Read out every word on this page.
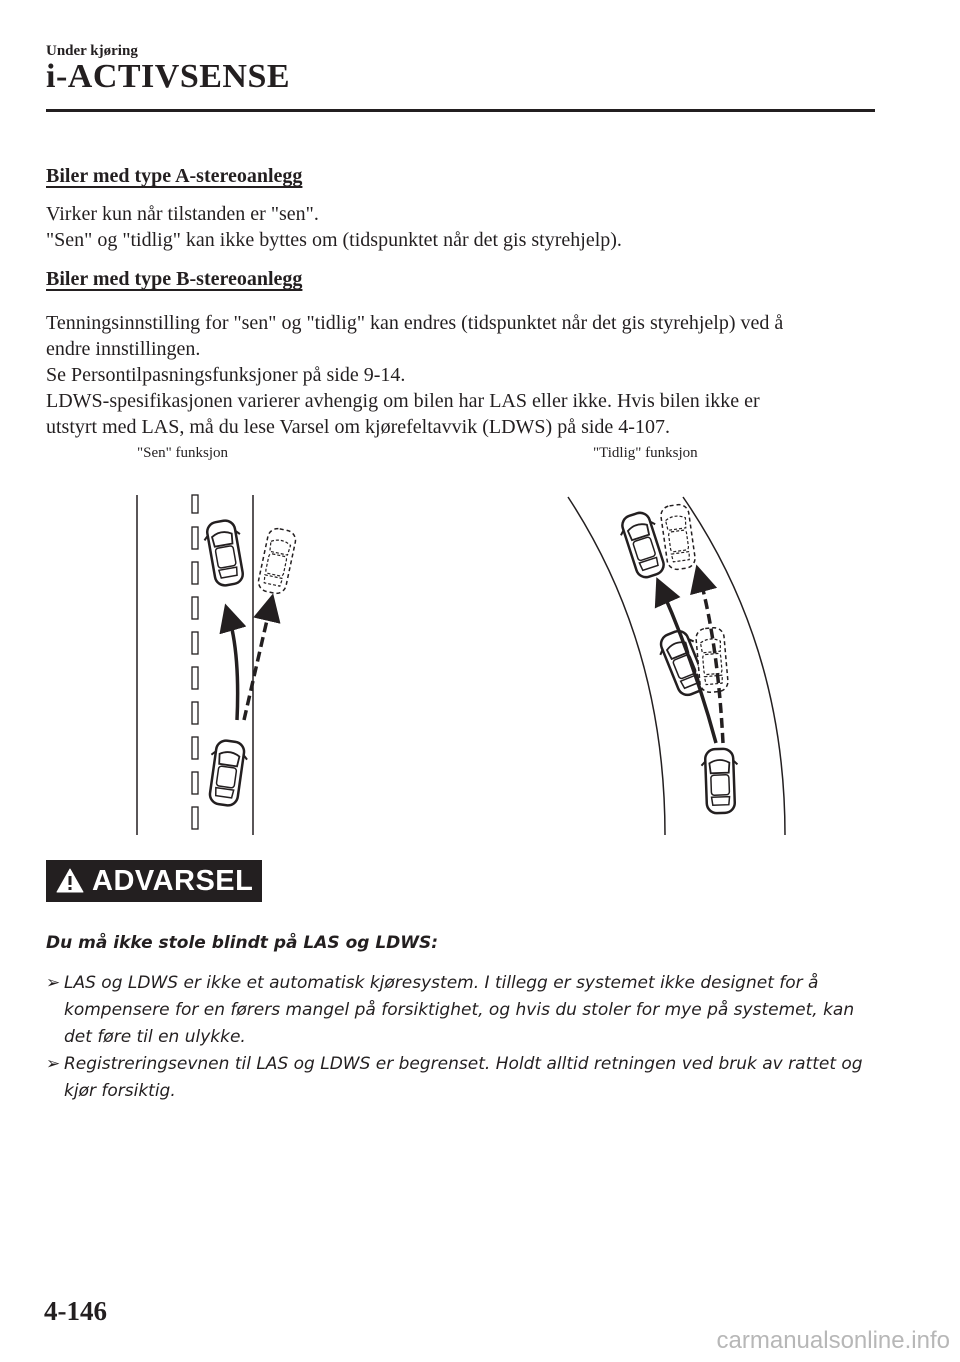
Under kjøring
i-ACTIVSENSE
Biler med type A-stereoanlegg

Virker kun når tilstanden er "sen".

"Sen" og "tidlig" kan ikke byttes om (tidspunktet når det gis styrehjelp).

Biler med type B-stereoanlegg

Tenningsinnstilling for "sen" og "tidlig" kan endres (tidspunktet når det gis styrehjelp) ved å

endre innstillingen.

Se Persontilpasningsfunksjoner på side 9-14.

LDWS-spesifikasjonen varierer avhengig om bilen har LAS eller ikke. Hvis bilen ikke er

utstyrt med LAS, må du lese Varsel om kjørefeltavvik (LDWS) på side 4-107.

"Sen" funksjon	"Tidlig" funksjon
ADVARSEL
Du må ikke stole blindt på LAS og LDWS:
➢ LAS og LDWS er ikke et automatisk kjøresystem. I tillegg er systemet ikke designet for å kompensere for en førers mangel på forsiktighet, og hvis du stoler for mye på systemet, kan det føre til en ulykke.
➢ Registreringsevnen til LAS og LDWS er begrenset. Holdt alltid retningen ved bruk av rattet og kjør forsiktig.
4-146
carmanualsonline.info
